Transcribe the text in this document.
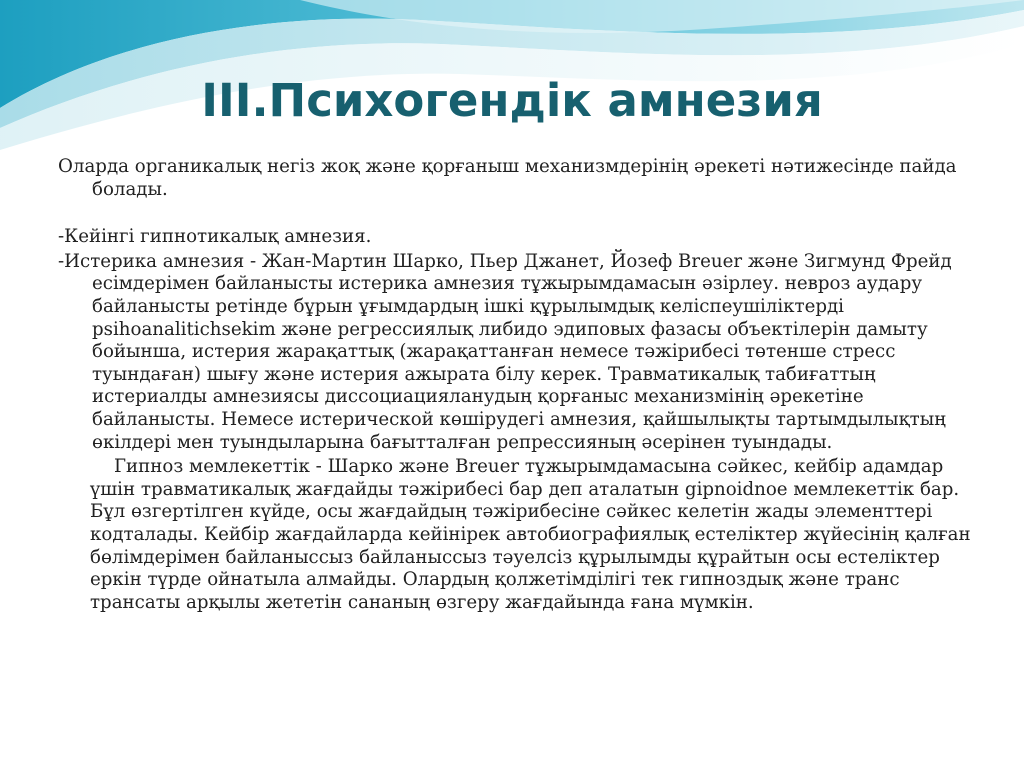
III.Психогендік амнезия

Оларда органикалық негіз жоқ және қорғаныш механизмдерінің әрекеті нәтижесінде пайда болады.

-Кейінгі гипнотикалық амнезия.

-Истерика амнезия - Жан-Мартин Шарко, Пьер Джанет, Йозеф Breuer және Зигмунд Фрейд есімдерімен байланысты истерика амнезия тұжырымдамасын әзірлеу. невроз аудару байланысты ретінде бұрын ұғымдардың ішкі құрылымдық келіспеушіліктерді psihoanalitichsekim және регрессиялық либидо эдиповых фазасы объектілерін дамыту бойынша, истерия жарақаттық (жарақаттанған немесе тәжірибесі төтенше стресс туындаған) шығу және истерия ажырата білу керек. Травматикалық табиғаттың истериалды амнезиясы диссоциацияланудың қорғаныс механизмінің әрекетіне байланысты. Немесе истерической көшірудегі амнезия, қайшылықты тартымдылықтың өкілдері мен туындыларына бағытталған репрессияның әсерінен туындады.

Гипноз мемлекеттік - Шарко және Breuer тұжырымдамасына сәйкес, кейбір адамдар үшін травматикалық жағдайды тәжірибесі бар деп аталатын gipnoidnoe мемлекеттік бар. Бұл өзгертілген күйде, осы жағдайдың тәжірибесіне сәйкес келетін жады элементтері кодталады. Кейбір жағдайларда кейінірек автобиографиялық естеліктер жүйесінің қалған бөлімдерімен байланыссыз байланыссыз тәуелсіз құрылымды құрайтын осы естеліктер еркін түрде ойнатыла алмайды. Олардың қолжетімділігі тек гипноздық және транс трансаты арқылы жететін сананың өзгеру жағдайында ғана мүмкін.
